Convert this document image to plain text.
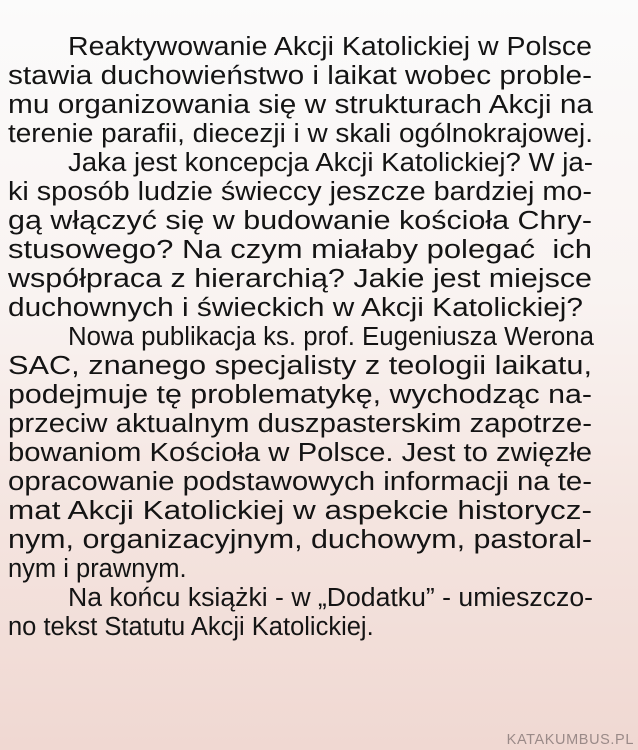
Reaktywowanie Akcji Katolickiej w Polsce
stawia duchowieństwo i laikat wobec proble-
mu organizowania się w strukturach Akcji na
terenie parafii, diecezji i w skali ogólnokrajowej.
Jaka jest koncepcja Akcji Katolickiej? W ja-
ki sposób ludzie świeccy jeszcze bardziej mo-
gą włączyć się w budowanie kościoła Chry-
stusowego? Na czym miałaby polegać  ich
współpraca z hierarchią? Jakie jest miejsce
duchownych i świeckich w Akcji Katolickiej?
Nowa publikacja ks. prof. Eugeniusza Werona
SAC, znanego specjalisty z teologii laikatu,
podejmuje tę problematykę, wychodząc na-
przeciw aktualnym duszpasterskim zapotrze-
bowaniom Kościoła w Polsce. Jest to zwięzłe
opracowanie podstawowych informacji na te-
mat Akcji Katolickiej w aspekcie historycz-
nym, organizacyjnym, duchowym, pastoral-
nym i prawnym.
Na końcu książki - w „Dodatku” - umieszczo-
no tekst Statutu Akcji Katolickiej.
KATAKUMBUS.PL
